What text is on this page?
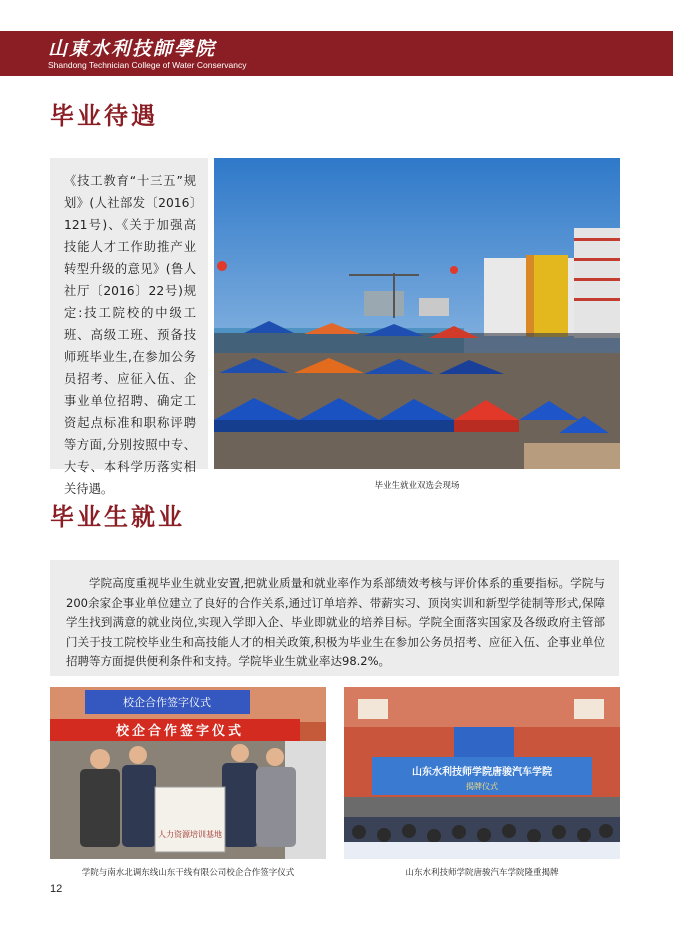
山東水利技師學院
Shandong Technician College of Water Conservancy
毕业待遇

《技工教育“十三五”规划》(人社部发〔2016〕121号)、《关于加强高技能人才工作助推产业转型升级的意见》(鲁人社厅〔2016〕22号)规定:技工院校的中级工班、高级工班、预备技师班毕业生,在参加公务员招考、应征入伍、企事业单位招聘、确定工资起点标准和职称评聘等方面,分别按照中专、大专、本科学历落实相关待遇。	毕业生就业双选会现场
毕业生就业

学院高度重视毕业生就业安置,把就业质量和就业率作为系部绩效考核与评价体系的重要指标。学院与200余家企事业单位建立了良好的合作关系,通过订单培养、带薪实习、顶岗实训和新型学徒制等形式,保障学生找到满意的就业岗位,实现入学即入企、毕业即就业的培养目标。学院全面落实国家及各级政府主管部门关于技工院校毕业生和高技能人才的相关政策,积极为毕业生在参加公务员招考、应征入伍、企事业单位招聘等方面提供便利条件和支持。学院毕业生就业率达98.2%。

校企合作签字仪式
校企合作签字仪式
人力资源培训基地
学院与南水北调东线山东干线有限公司校企合作签字仪式
山东水利技师学院唐骏汽车学院
揭牌仪式
山东水利技师学院唐骏汽车学院隆重揭牌
12
